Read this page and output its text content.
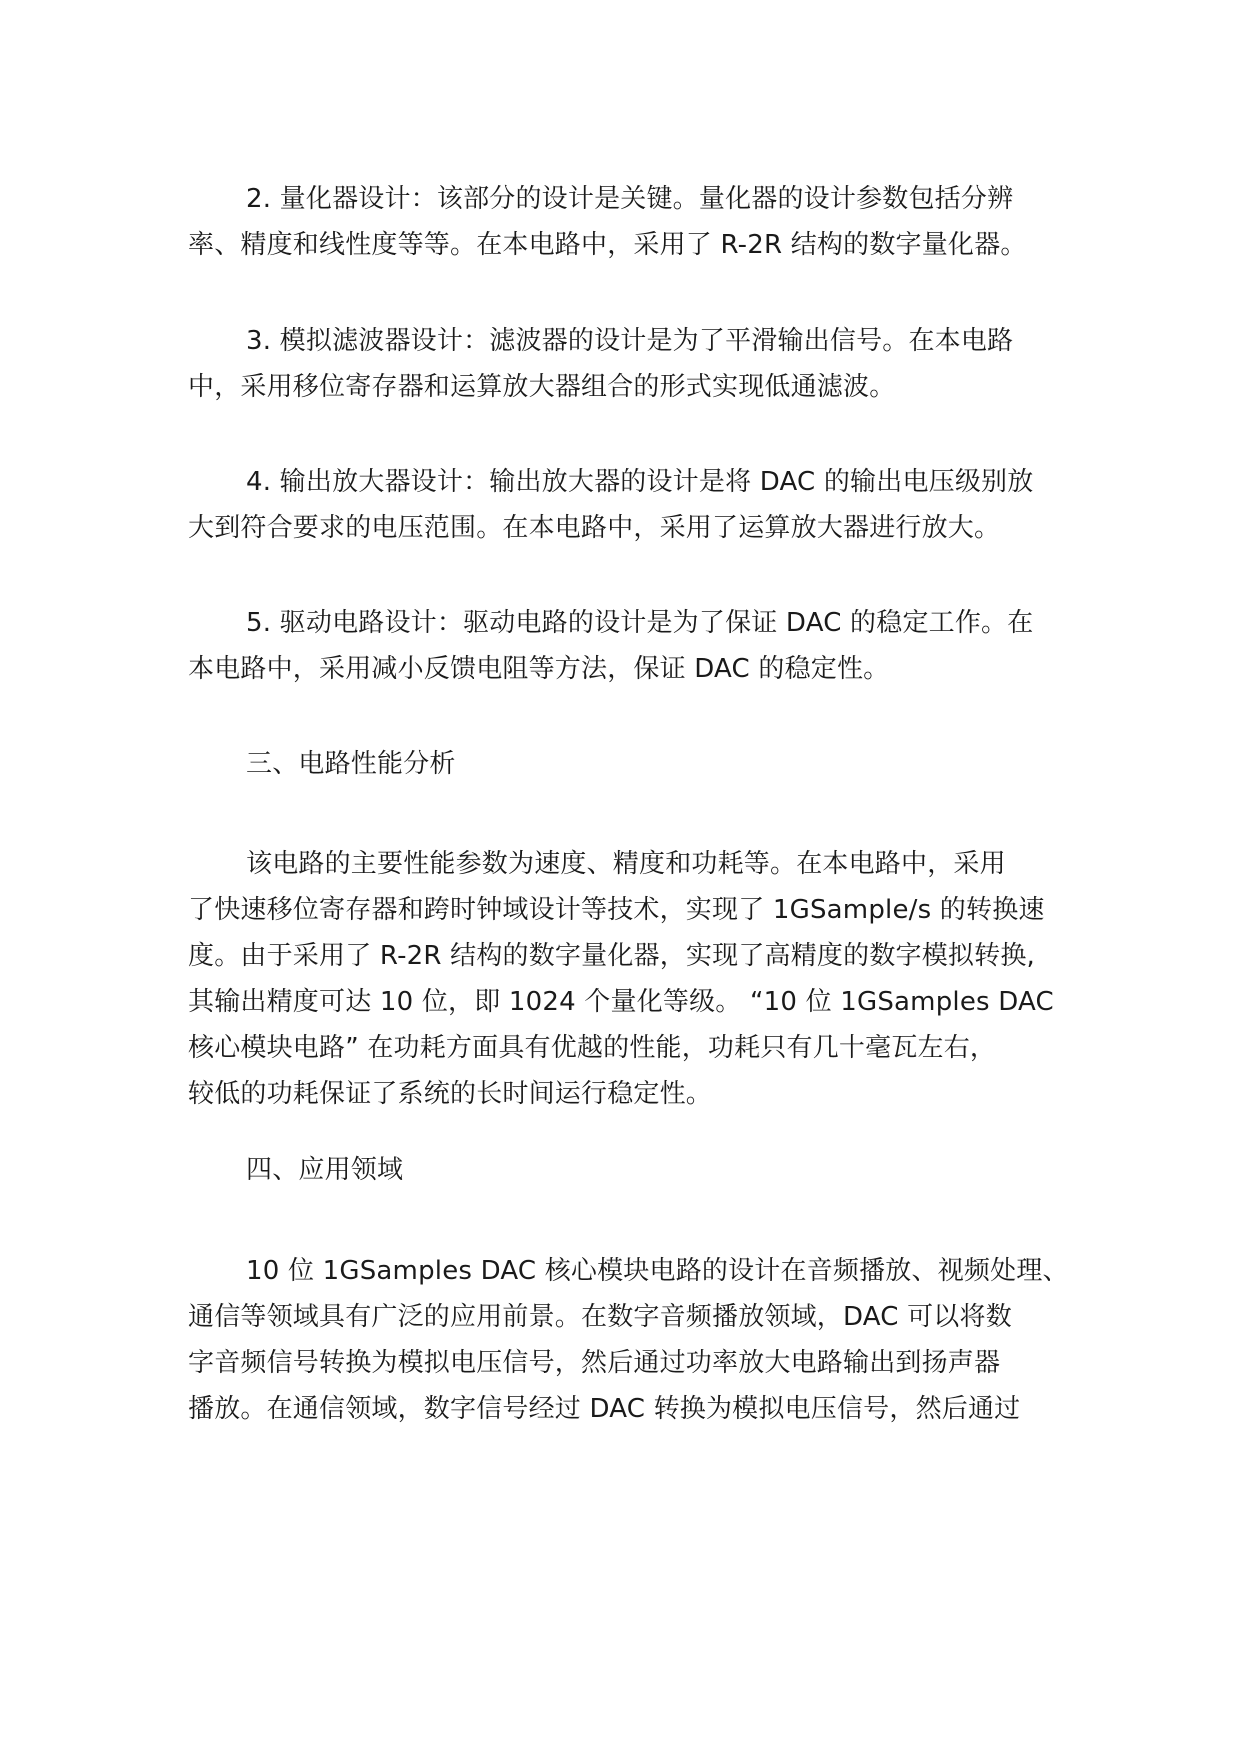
2. 量化器设计：该部分的设计是关键。量化器的设计参数包括分辨
率、精度和线性度等等。在本电路中，采用了 R-2R 结构的数字量化器。

3. 模拟滤波器设计：滤波器的设计是为了平滑输出信号。在本电路
中，采用移位寄存器和运算放大器组合的形式实现低通滤波。

4. 输出放大器设计：输出放大器的设计是将 DAC 的输出电压级别放
大到符合要求的电压范围。在本电路中，采用了运算放大器进行放大。

5. 驱动电路设计：驱动电路的设计是为了保证 DAC 的稳定工作。在
本电路中，采用减小反馈电阻等方法，保证 DAC 的稳定性。

三、电路性能分析

该电路的主要性能参数为速度、精度和功耗等。在本电路中，采用
了快速移位寄存器和跨时钟域设计等技术，实现了 1GSample/s 的转换速
度。由于采用了 R-2R 结构的数字量化器，实现了高精度的数字模拟转换,
其输出精度可达 10 位，即 1024 个量化等级。 “10 位 1GSamples DAC
核心模块电路” 在功耗方面具有优越的性能，功耗只有几十毫瓦左右，
较低的功耗保证了系统的长时间运行稳定性。

四、应用领域

10 位 1GSamples DAC 核心模块电路的设计在音频播放、视频处理、
通信等领域具有广泛的应用前景。在数字音频播放领域，DAC 可以将数
字音频信号转换为模拟电压信号，然后通过功率放大电路输出到扬声器
播放。在通信领域，数字信号经过 DAC 转换为模拟电压信号，然后通过
